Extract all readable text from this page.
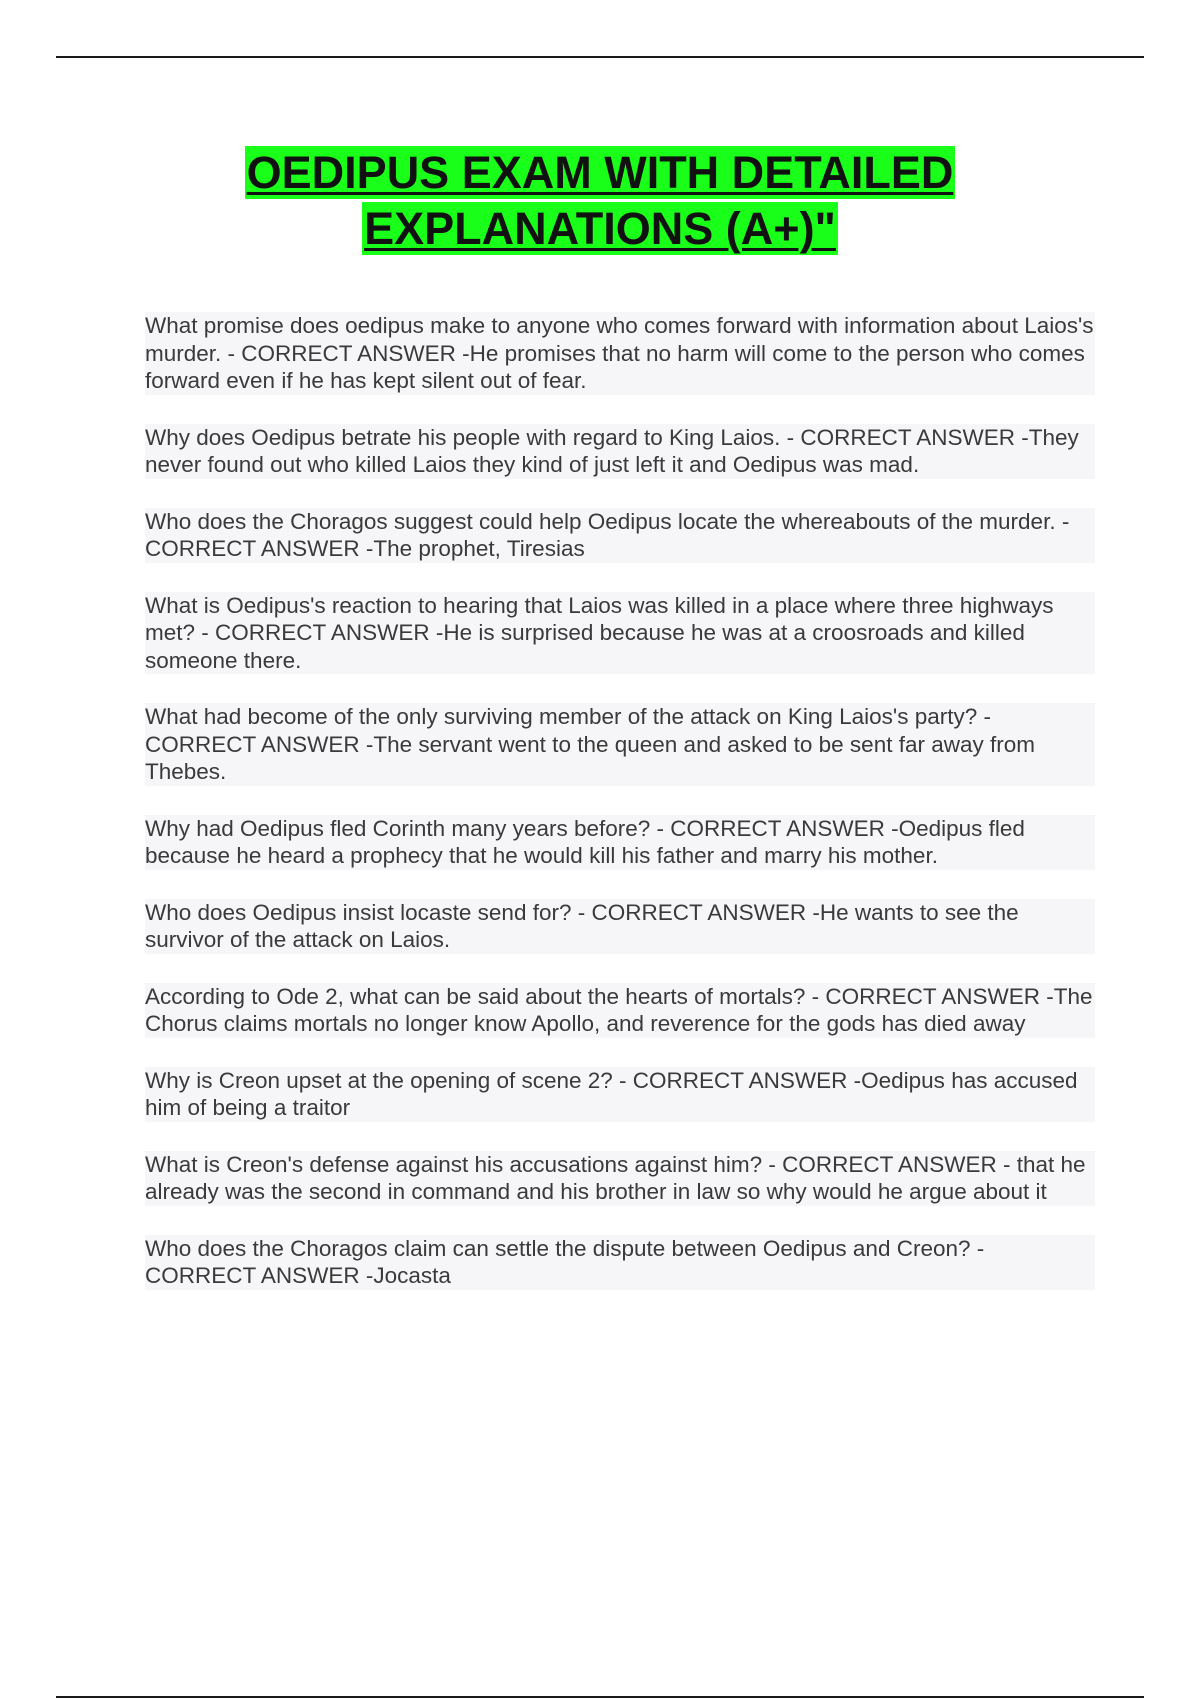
OEDIPUS EXAM WITH DETAILED
EXPLANATIONS (A+)"

What promise does oedipus make to anyone who comes forward with information about Laios's murder. - CORRECT ANSWER -He promises that no harm will come to the person who comes forward even if he has kept silent out of fear.

Why does Oedipus betrate his people with regard to King Laios. - CORRECT ANSWER -They never found out who killed Laios they kind of just left it and Oedipus was mad.

Who does the Choragos suggest could help Oedipus locate the whereabouts of the murder. - CORRECT ANSWER -The prophet, Tiresias

What is Oedipus's reaction to hearing that Laios was killed in a place where three highways met? - CORRECT ANSWER -He is surprised because he was at a croosroads and killed someone there.

What had become of the only surviving member of the attack on King Laios's party? - CORRECT ANSWER -The servant went to the queen and asked to be sent far away from Thebes.

Why had Oedipus fled Corinth many years before? - CORRECT ANSWER -Oedipus fled because he heard a prophecy that he would kill his father and marry his mother.

Who does Oedipus insist locaste send for? - CORRECT ANSWER -He wants to see the survivor of the attack on Laios.

According to Ode 2, what can be said about the hearts of mortals? - CORRECT ANSWER -The Chorus claims mortals no longer know Apollo, and reverence for the gods has died away

Why is Creon upset at the opening of scene 2? - CORRECT ANSWER -Oedipus has accused him of being a traitor

What is Creon's defense against his accusations against him? - CORRECT ANSWER - that he already was the second in command and his brother in law so why would he argue about it

Who does the Choragos claim can settle the dispute between Oedipus and Creon? - CORRECT ANSWER -Jocasta
